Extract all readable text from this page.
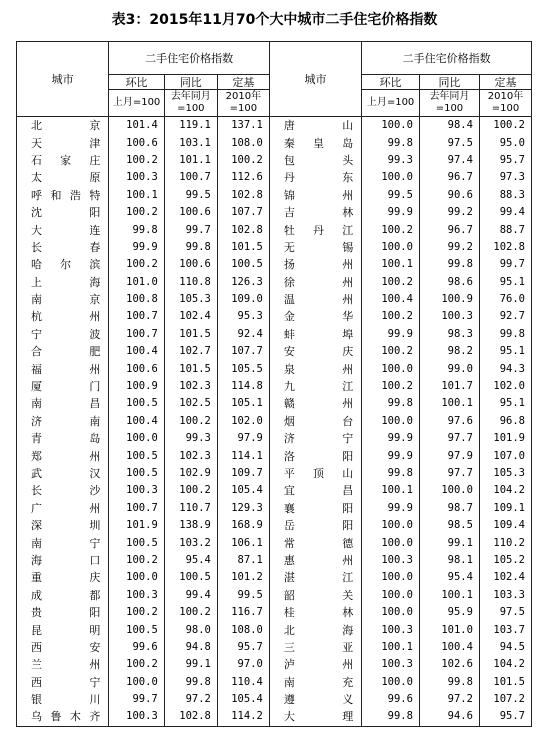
表3：2015年11月70个大中城市二手住宅价格指数
城市	二手住宅价格指数			城市	二手住宅价格指数		
	环比	同比	定基		环比	同比	定基
	上月=100	去年同月=100	2010年=100		上月=100	去年同月=100	2010年=100
北京	101.4	119.1	137.1	唐山	100.0	98.4	100.2
天津	100.6	103.1	108.0	秦皇岛	99.8	97.5	95.0
石家庄	100.2	101.1	100.2	包头	99.3	97.4	95.7
太原	100.3	100.7	112.6	丹东	100.0	96.7	97.3
呼和浩特	100.1	99.5	102.8	锦州	99.5	90.6	88.3
沈阳	100.2	100.6	107.7	吉林	99.9	99.2	99.4
大连	99.8	99.7	102.8	牡丹江	100.2	96.7	88.7
长春	99.9	99.8	101.5	无锡	100.0	99.2	102.8
哈尔滨	100.2	100.6	100.5	扬州	100.1	99.8	99.7
上海	101.0	110.8	126.3	徐州	100.2	98.6	95.1
南京	100.8	105.3	109.0	温州	100.4	100.9	76.0
杭州	100.7	102.4	95.3	金华	100.2	100.3	92.7
宁波	100.7	101.5	92.4	蚌埠	99.9	98.3	99.8
合肥	100.4	102.7	107.7	安庆	100.2	98.2	95.1
福州	100.6	101.5	105.5	泉州	100.0	99.0	94.3
厦门	100.9	102.3	114.8	九江	100.2	101.7	102.0
南昌	100.5	102.5	105.1	赣州	99.8	100.1	95.1
济南	100.4	100.2	102.0	烟台	100.0	97.6	96.8
青岛	100.0	99.3	97.9	济宁	99.9	97.7	101.9
郑州	100.5	102.3	114.1	洛阳	99.9	97.9	107.0
武汉	100.5	102.9	109.7	平顶山	99.8	97.7	105.3
长沙	100.3	100.2	105.4	宜昌	100.1	100.0	104.2
广州	100.7	110.7	129.3	襄阳	99.9	98.7	109.1
深圳	101.9	138.9	168.9	岳阳	100.0	98.5	109.4
南宁	100.5	103.2	106.1	常德	100.0	99.1	110.2
海口	100.2	95.4	87.1	惠州	100.3	98.1	105.2
重庆	100.0	100.5	101.2	湛江	100.0	95.4	102.4
成都	100.3	99.4	99.5	韶关	100.0	100.1	103.3
贵阳	100.2	100.2	116.7	桂林	100.0	95.9	97.5
昆明	100.5	98.0	108.0	北海	100.3	101.0	103.7
西安	99.6	94.8	95.7	三亚	100.1	100.4	94.5
兰州	100.2	99.1	97.0	泸州	100.3	102.6	104.2
西宁	100.0	99.8	110.4	南充	100.0	99.8	101.5
银川	99.7	97.2	105.4	遵义	99.6	97.2	107.2
乌鲁木齐	100.3	102.8	114.2	大理	99.8	94.6	95.7
